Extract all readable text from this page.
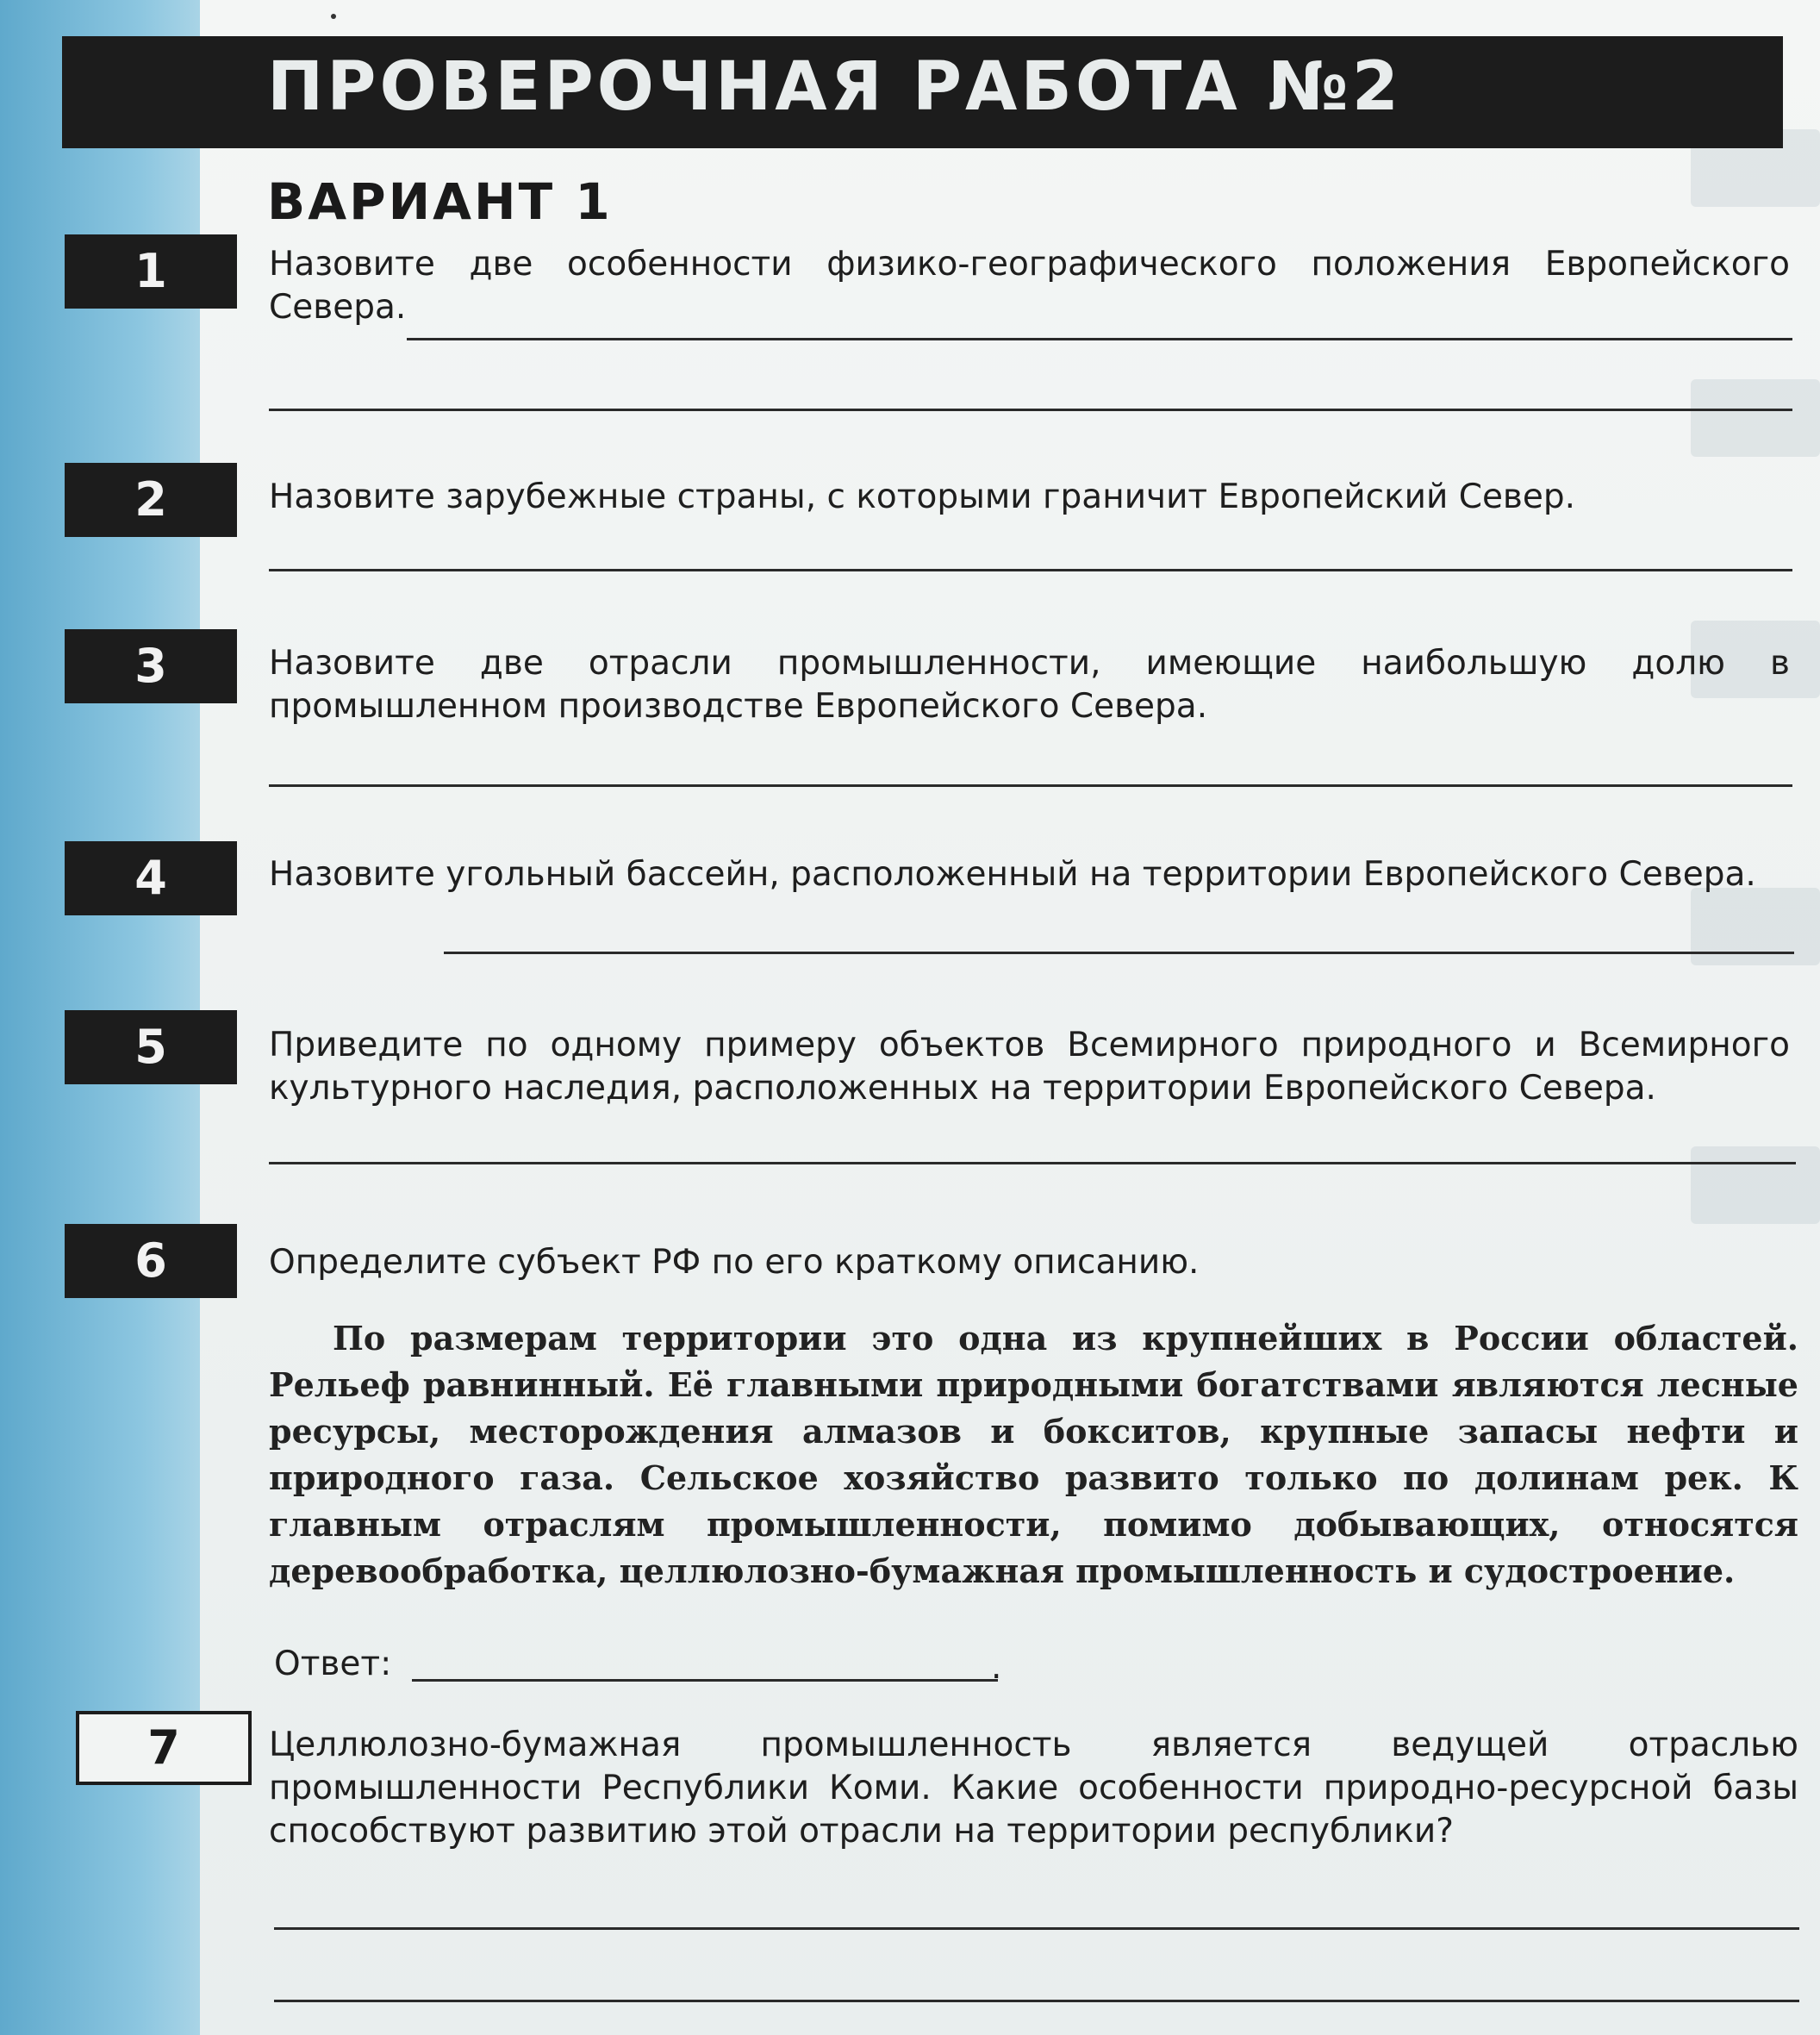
ПРОВЕРОЧНАЯ РАБОТА №2
ВАРИАНТ 1
1	Назовите две особенности физико-географического положения Европейского Севера.
2	Назовите зарубежные страны, с которыми граничит Европейский Север.
3	Назовите две отрасли промышленности, имеющие наибольшую долю в промышленном производстве Европейского Севера.
4	Назовите угольный бассейн, расположенный на территории Европейского Севера.
5	Приведите по одному примеру объектов Всемирного природного и Всемирного культурного наследия, расположенных на территории Европейского Севера.
6	Определите субъект РФ по его краткому описанию.
По размерам территории это одна из крупнейших в России областей. Рельеф равнинный. Её главными природными богатствами являются лесные ресурсы, месторождения алмазов и бокситов, крупные запасы нефти и природного газа. Сельское хозяйство развито только по долинам рек. К главным отраслям промышленности, помимо добывающих, относятся деревообработка, целлюлозно-бумажная промышленность и судостроение.
Ответ:	.
7	Целлюлозно-бумажная промышленность является ведущей отраслью промышленности Республики Коми. Какие особенности природно-ресурсной базы способствуют развитию этой отрасли на территории республики?
